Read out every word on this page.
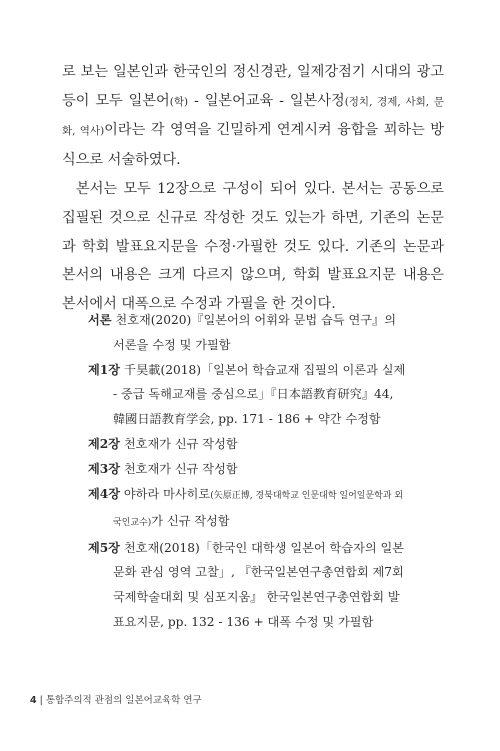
로 보는 일본인과 한국인의 정신경관, 일제강점기 시대의 광고 등이 모두 일본어(학) - 일본어교육 - 일본사정(정치, 경제, 사회, 문화, 역사)이라는 각 영역을 긴밀하게 연계시켜 융합을 꾀하는 방식으로 서술하였다.

본서는 모두 12장으로 구성이 되어 있다. 본서는 공동으로 집필된 것으로 신규로 작성한 것도 있는가 하면, 기존의 논문과 학회 발표요지문을 수정·가필한 것도 있다. 기존의 논문과 본서의 내용은 크게 다르지 않으며, 학회 발표요지문 내용은 본서에서 대폭으로 수정과 가필을 한 것이다.

서론 천호재(2020)『일본어의 어휘와 문법 습득 연구』의 서론을 수정 및 가필함

제1장 千昊載(2018)「일본어 학습교재 집필의 이론과 실제 - 중급 독해교재를 중심으로」『日本語教育研究』44, 韓國日語教育学会, pp. 171 - 186 + 약간 수정함

제2장 천호재가 신규 작성함

제3장 천호재가 신규 작성함

제4장 야하라 마사히로(矢原正博, 경북대학교 인문대학 일어일문학과 외국인교수)가 신규 작성함

제5장 천호재(2018)「한국인 대학생 일본어 학습자의 일본문화 관심 영역 고찰」, 『한국일본연구총연합회 제7회 국제학술대회 및 심포지움』 한국일본연구총연합회 발표요지문, pp. 132 - 136 + 대폭 수정 및 가필함

4 | 통합주의적 관점의 일본어교육학 연구
